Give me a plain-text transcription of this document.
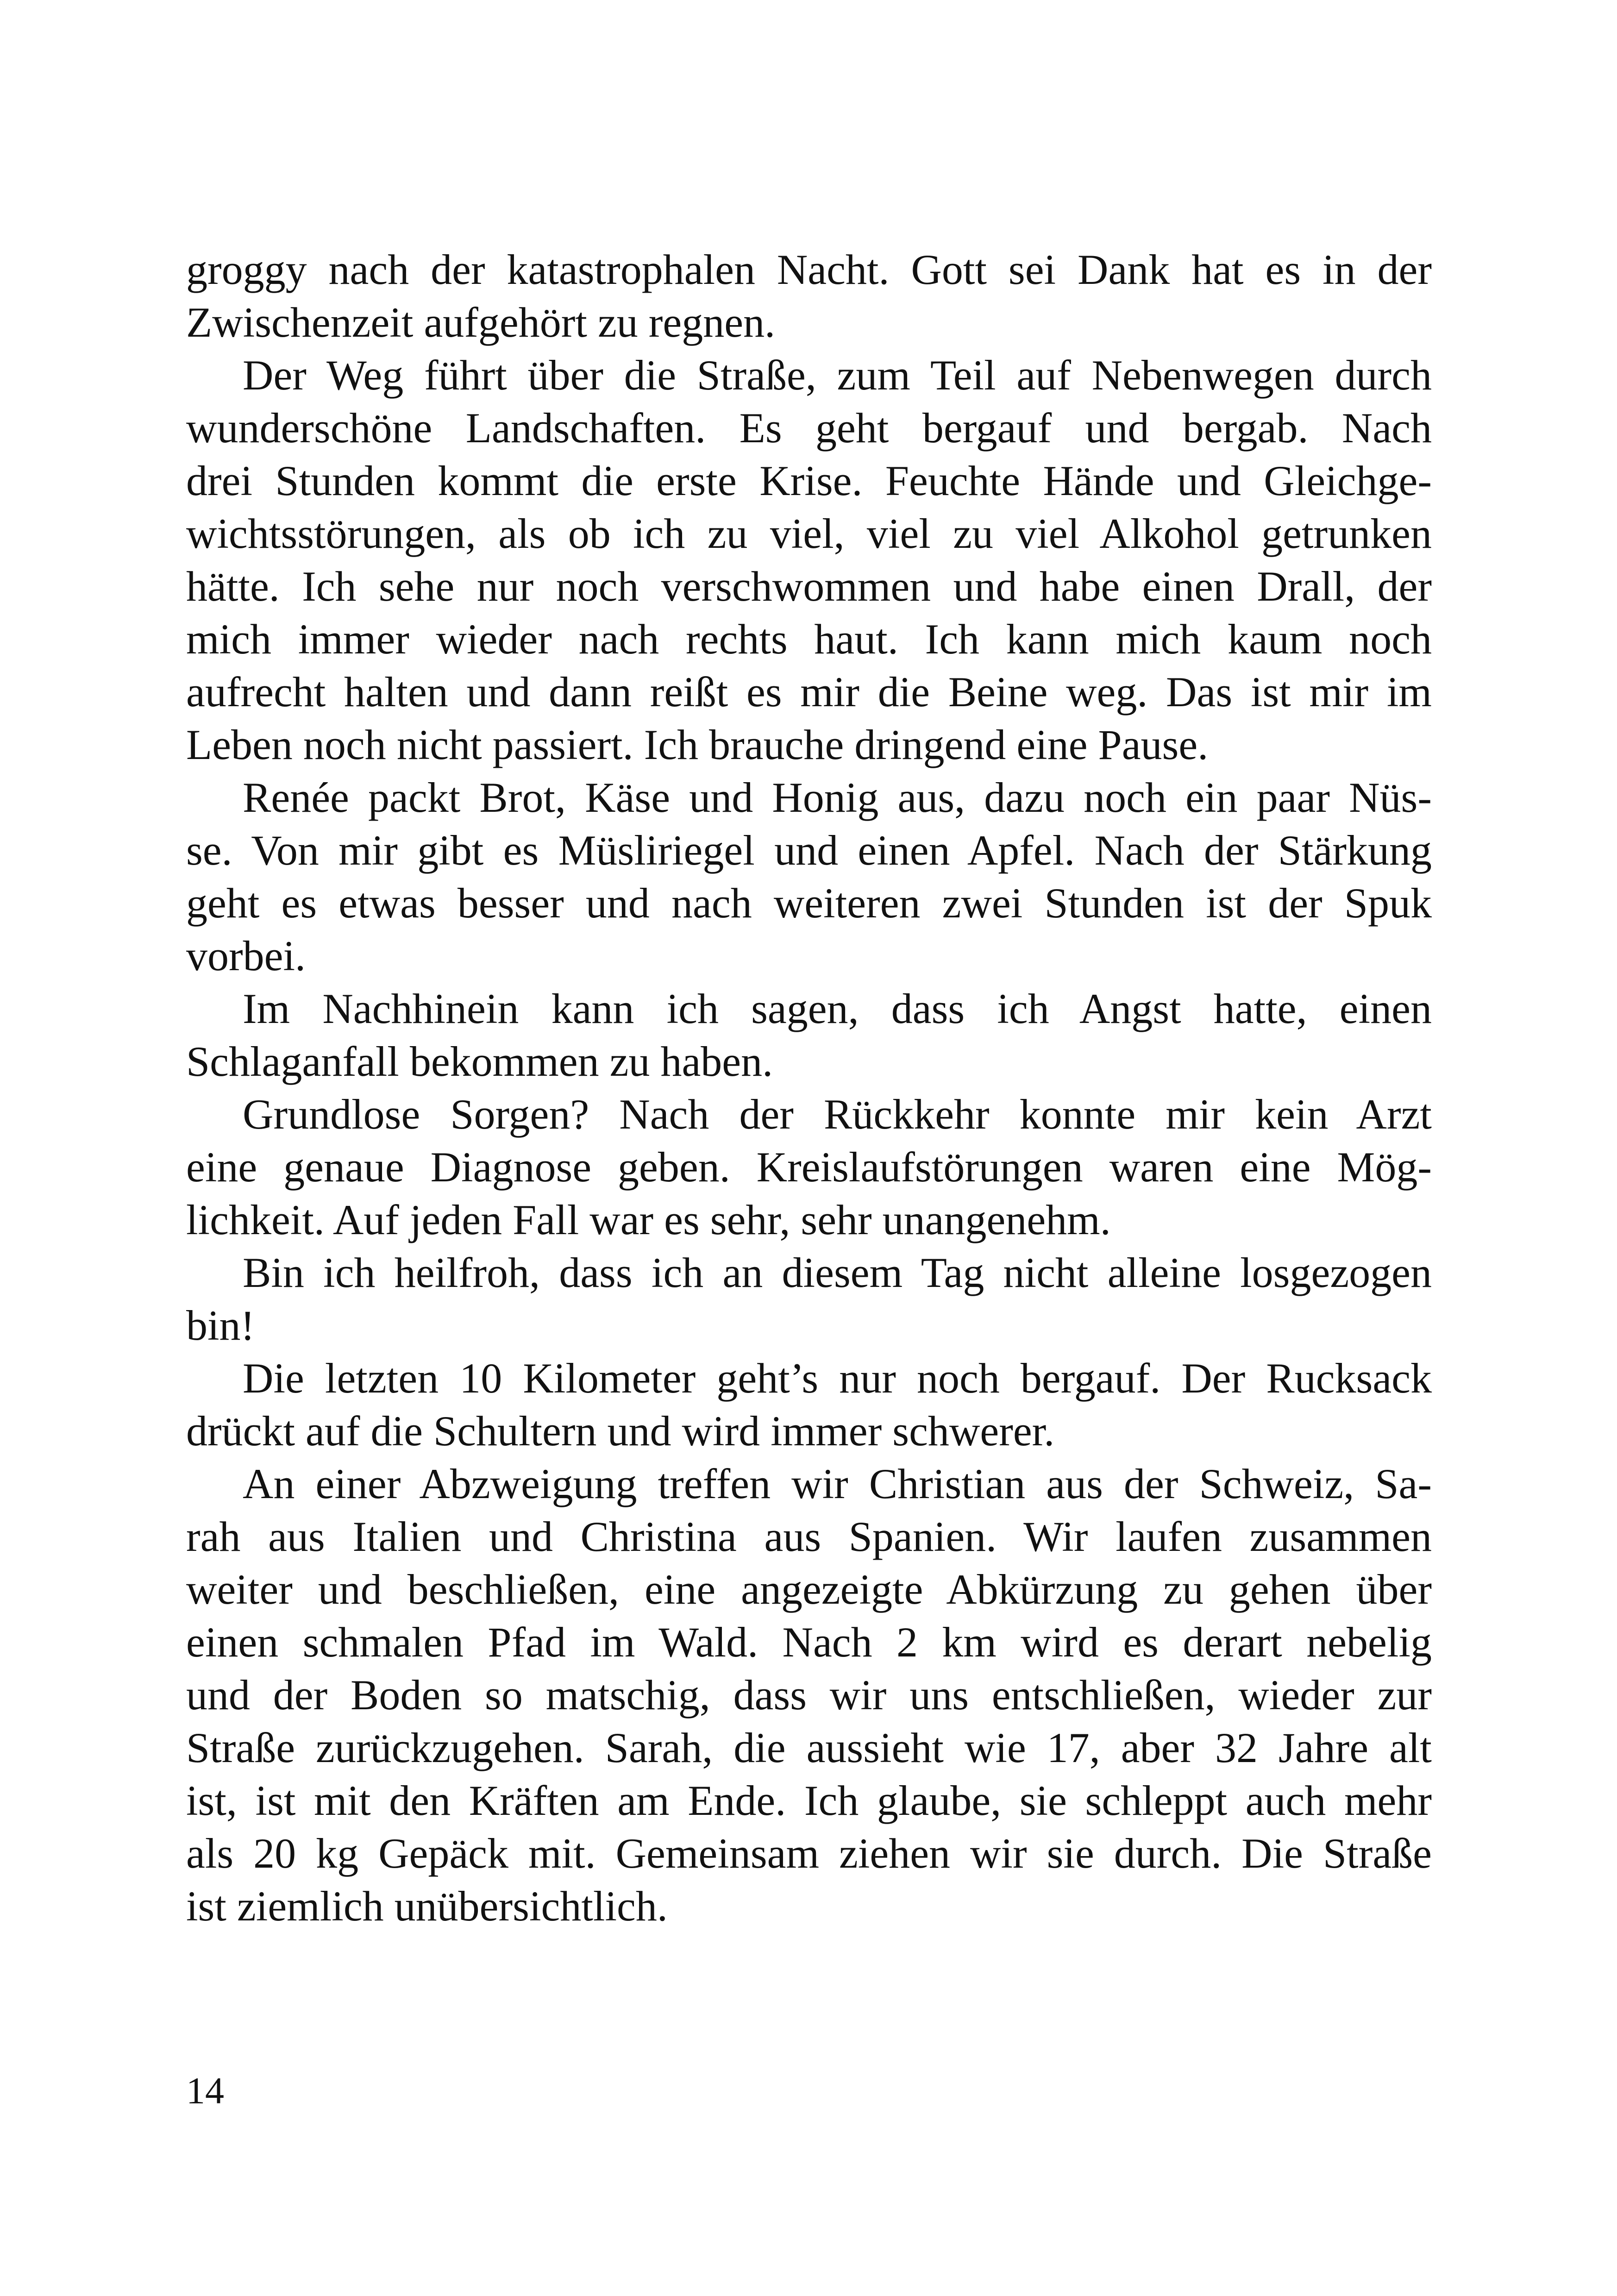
groggy nach der katastrophalen Nacht. Gott sei Dank hat es in der
Zwischenzeit aufgehört zu regnen.
Der Weg führt über die Straße, zum Teil auf Nebenwegen durch
wunderschöne Landschaften. Es geht bergauf und bergab. Nach
drei Stunden kommt die erste Krise. Feuchte Hände und Gleichge-
wichtsstörungen, als ob ich zu viel, viel zu viel Alkohol getrunken
hätte. Ich sehe nur noch verschwommen und habe einen Drall, der
mich immer wieder nach rechts haut. Ich kann mich kaum noch
aufrecht halten und dann reißt es mir die Beine weg. Das ist mir im
Leben noch nicht passiert. Ich brauche dringend eine Pause.
Renée packt Brot, Käse und Honig aus, dazu noch ein paar Nüs-
se. Von mir gibt es Müsliriegel und einen Apfel. Nach der Stärkung
geht es etwas besser und nach weiteren zwei Stunden ist der Spuk
vorbei.
Im Nachhinein kann ich sagen, dass ich Angst hatte, einen
Schlaganfall bekommen zu haben.
Grundlose Sorgen? Nach der Rückkehr konnte mir kein Arzt
eine genaue Diagnose geben. Kreislaufstörungen waren eine Mög-
lichkeit. Auf jeden Fall war es sehr, sehr unangenehm.
Bin ich heilfroh, dass ich an diesem Tag nicht alleine losgezogen
bin!
Die letzten 10 Kilometer geht’s nur noch bergauf. Der Rucksack
drückt auf die Schultern und wird immer schwerer.
An einer Abzweigung treffen wir Christian aus der Schweiz, Sa-
rah aus Italien und Christina aus Spanien. Wir laufen zusammen
weiter und beschließen, eine angezeigte Abkürzung zu gehen über
einen schmalen Pfad im Wald. Nach 2 km wird es derart nebelig
und der Boden so matschig, dass wir uns entschließen, wieder zur
Straße zurückzugehen. Sarah, die aussieht wie 17, aber 32 Jahre alt
ist, ist mit den Kräften am Ende. Ich glaube, sie schleppt auch mehr
als 20 kg Gepäck mit. Gemeinsam ziehen wir sie durch. Die Straße
ist ziemlich unübersichtlich.
14
